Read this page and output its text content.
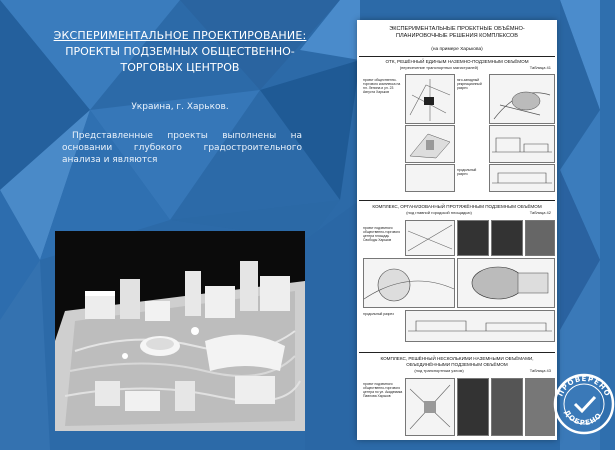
ЭКСПЕРИМЕНТАЛЬНОЕ ПРОЕКТИРОВАНИЕ:
ПРОЕКТЫ ПОДЗЕМНЫХ ОБЩЕСТВЕННО-
ТОРГОВЫХ ЦЕНТРОВ
Украина, г. Харьков.
Представленные проекты выполнены на основании глубокого градостроительного анализа и являются
ЭКСПЕРИМЕНТАЛЬНЫЕ ПРОЕКТНЫЕ ОБЪЁМНО-ПЛАНИРОВОЧНЫЕ РЕШЕНИЯ КОМПЛЕКСОВ
(на примере Харькова)
ОТК, РЕШЁННЫЙ ЕДИНЫМ НАЗЕМНО-ПОДЗЕМНЫМ ОБЪЁМОМ
(пересечение транспортных магистралей)	Таблица 41
проект общественно-торгового комплекса на пл. Ленина и ул. 23 Августа Харьков
юго-западный рекреационный разрез
продольный разрез
КОМПЛЕКС, ОРГАНИЗОВАННЫЙ ПРОТЯЖЁННЫМ ПОДЗЕМНЫМ ОБЪЁМОМ
(под главной городской площадью)	Таблица 42
проект подземного общественно-торгового центра площадь Свободы Харьков
продольный разрез
КОМПЛЕКС, РЕШЁННЫЙ НЕСКОЛЬКИМИ НАЗЕМНЫМИ ОБЪЁМАМИ, ОБЪЕДИНЁННЫМИ ПОДЗЕМНЫМ ОБЪЁМОМ
(под транспортным узлом)	Таблица 43
проект подземного общественно-торгового центра по ул. Академика Павлова Харьков	ПРОВЕРЕНО
ДОБРЕНО
